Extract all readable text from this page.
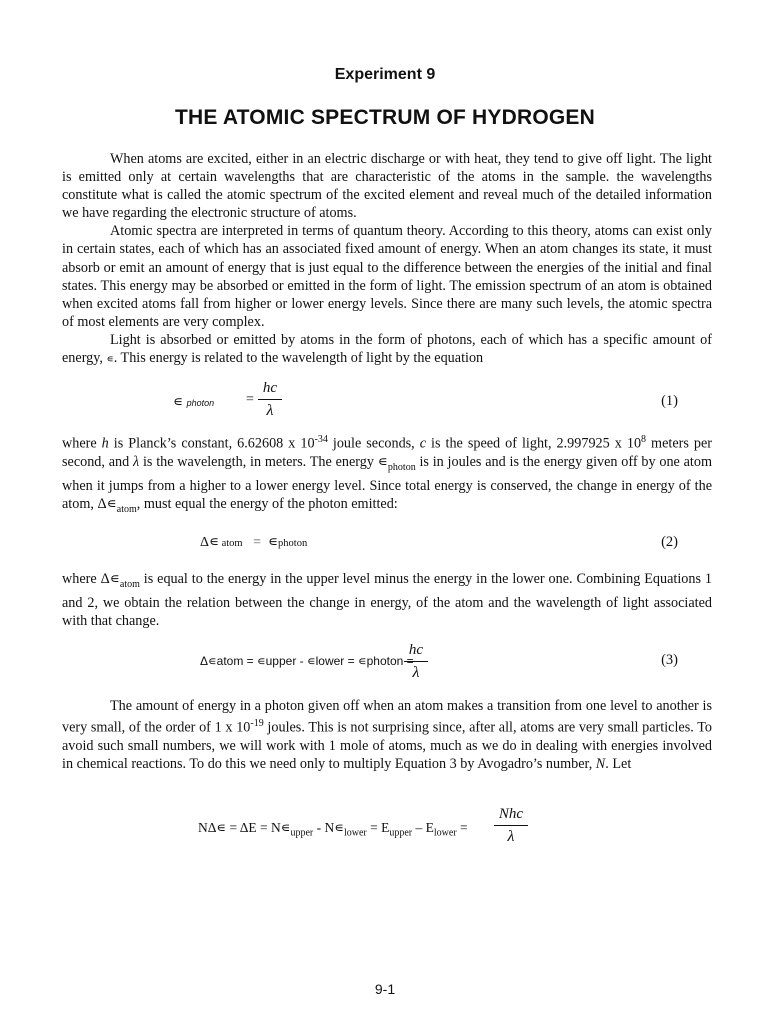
Experiment 9
THE ATOMIC SPECTRUM OF HYDROGEN

When atoms are excited, either in an electric discharge or with heat, they tend to give off light. The light is emitted only at certain wavelengths that are characteristic of the atoms in the sample. the wavelengths constitute what is called the atomic spectrum of the excited element and reveal much of the detailed information we have regarding the electronic structure of atoms.

Atomic spectra are interpreted in terms of quantum theory. According to this theory, atoms can exist only in certain states, each of which has an associated fixed amount of energy. When an atom changes its state, it must absorb or emit an amount of energy that is just equal to the difference between the energies of the initial and final states. This energy may be absorbed or emitted in the form of light. The emission spectrum of an atom is obtained when excited atoms fall from higher or lower energy levels. Since there are many such levels, the atomic spectra of most elements are very complex.

Light is absorbed or emitted by atoms in the form of photons, each of which has a specific amount of energy, ∊. This energy is related to the wavelength of light by the equation

∊ photon =
hc
λ
(1)

where h is Planck’s constant, 6.62608 x $10^{-34}$ joule seconds, c is the speed of light, 2.997925 x $10^8$ meters per second, and λ is the wavelength, in meters. The energy $∊_{photon}$ is in joules and is the energy given off by one atom when it jumps from a higher to a lower energy level. Since total energy is conserved, the change in energy of the atom, $\Delta∊_{atom}$, must equal the energy of the photon emitted:

Δ∊ atom = ∊photon	(2)

where $\Delta∊_{atom}$ is equal to the energy in the upper level minus the energy in the lower one. Combining Equations 1 and 2, we obtain the relation between the change in energy, of the atom and the wavelength of light associated with that change.

Δ∊atom = ∊upper - ∊lower = ∊photon =
hc
λ
(3)

The amount of energy in a photon given off when an atom makes a transition from one level to another is very small, of the order of 1 x $10^{-19}$ joules. This is not surprising since, after all, atoms are very small particles. To avoid such small numbers, we will work with 1 mole of atoms, much as we do in dealing with energies involved in chemical reactions. To do this we need only to multiply Equation 3 by Avogadro’s number, N. Let

NΔ∊ = $\Delta E = N∊_{upper}$ - $N∊_{lower} = E_{upper} - E_{lower}$ =
Nhc
λ
9-1
